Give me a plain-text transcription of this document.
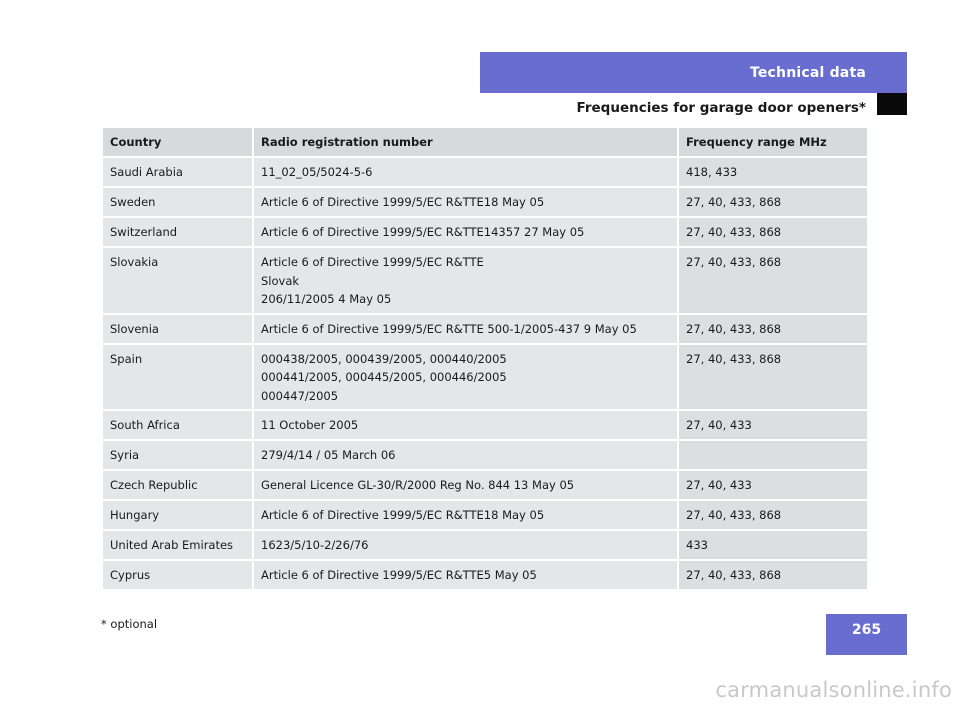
Technical data
Frequencies for garage door openers*
Country	Radio registration number	Frequency range MHz
Saudi Arabia	11_02_05/5024-5-6	418, 433
Sweden	Article 6 of Directive 1999/5/EC R&TTE18 May 05	27, 40, 433, 868
Switzerland	Article 6 of Directive 1999/5/EC R&TTE14357 27 May 05	27, 40, 433, 868
Slovakia	Article 6 of Directive 1999/5/EC R&TTE
Slovak
206/11/2005 4 May 05	27, 40, 433, 868
Slovenia	Article 6 of Directive 1999/5/EC R&TTE 500-1/2005-437 9 May 05	27, 40, 433, 868
Spain	000438/2005, 000439/2005, 000440/2005
000441/2005, 000445/2005, 000446/2005
000447/2005	27, 40, 433, 868
South Africa	11 October 2005	27, 40, 433
Syria	279/4/14 / 05 March 06	

Czech Republic	General Licence GL-30/R/2000 Reg No. 844 13 May 05	27, 40, 433
Hungary	Article 6 of Directive 1999/5/EC R&TTE18 May 05	27, 40, 433, 868
United Arab Emirates	1623/5/10-2/26/76	433
Cyprus	Article 6 of Directive 1999/5/EC R&TTE5 May 05	27, 40, 433, 868
* optional	265
carmanualsonline.info
